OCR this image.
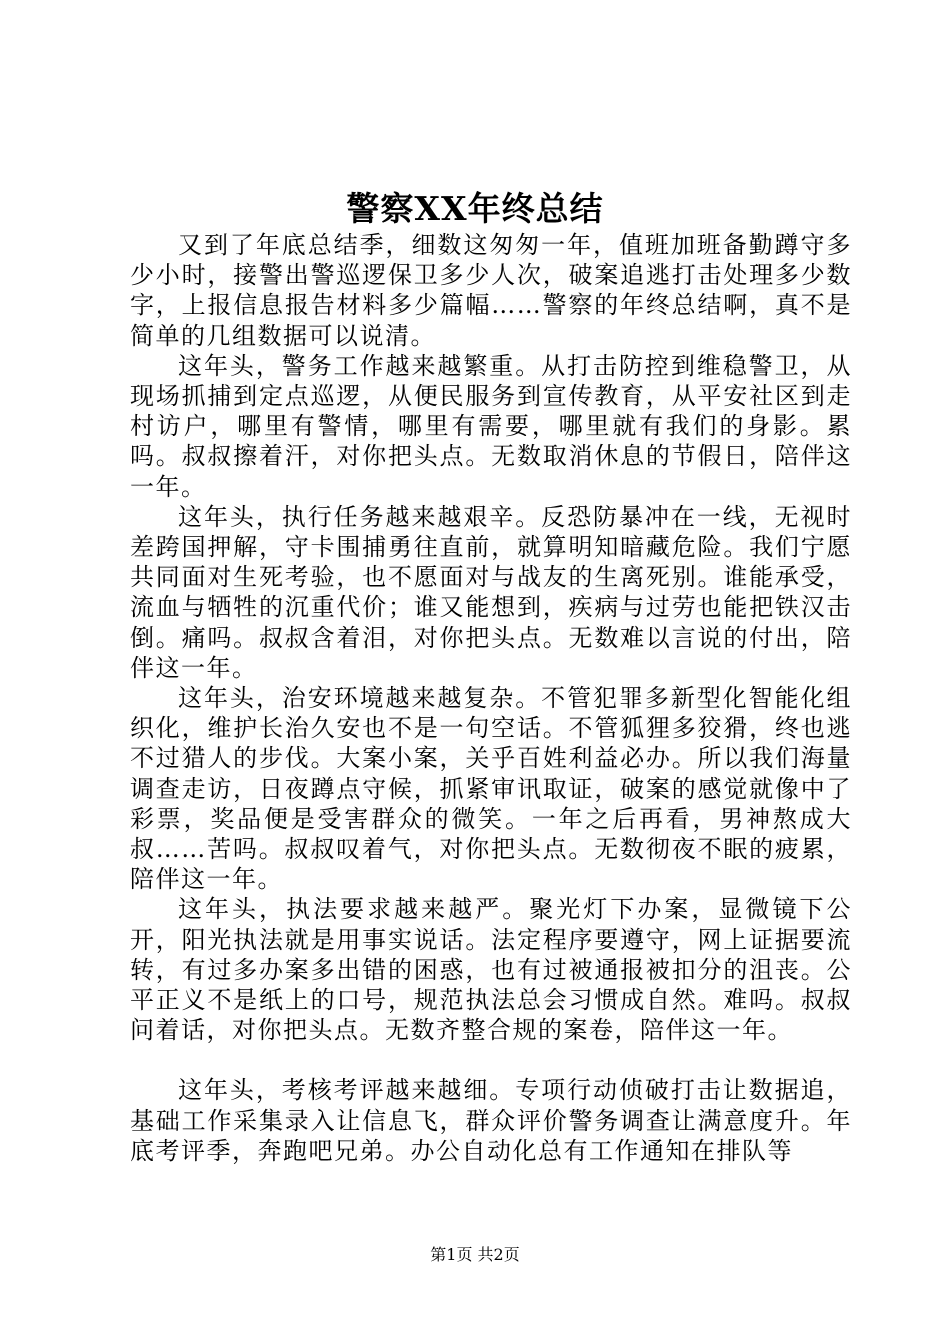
警察XX年终总结

又到了年底总结季，细数这匆匆一年，值班加班备勤蹲守多少小时，接警出警巡逻保卫多少人次，破案追逃打击处理多少数字，上报信息报告材料多少篇幅……警察的年终总结啊，真不是简单的几组数据可以说清。

这年头，警务工作越来越繁重。从打击防控到维稳警卫，从现场抓捕到定点巡逻，从便民服务到宣传教育，从平安社区到走村访户，哪里有警情，哪里有需要，哪里就有我们的身影。累吗。叔叔擦着汗，对你把头点。无数取消休息的节假日，陪伴这一年。

这年头，执行任务越来越艰辛。反恐防暴冲在一线，无视时差跨国押解，守卡围捕勇往直前，就算明知暗藏危险。我们宁愿共同面对生死考验，也不愿面对与战友的生离死别。谁能承受，流血与牺牲的沉重代价；谁又能想到，疾病与过劳也能把铁汉击倒。痛吗。叔叔含着泪，对你把头点。无数难以言说的付出，陪伴这一年。

这年头，治安环境越来越复杂。不管犯罪多新型化智能化组织化，维护长治久安也不是一句空话。不管狐狸多狡猾，终也逃不过猎人的步伐。大案小案，关乎百姓利益必办。所以我们海量调查走访，日夜蹲点守候，抓紧审讯取证，破案的感觉就像中了彩票，奖品便是受害群众的微笑。一年之后再看，男神熬成大叔……苦吗。叔叔叹着气，对你把头点。无数彻夜不眠的疲累，陪伴这一年。

这年头，执法要求越来越严。聚光灯下办案，显微镜下公开，阳光执法就是用事实说话。法定程序要遵守，网上证据要流转，有过多办案多出错的困惑，也有过被通报被扣分的沮丧。公平正义不是纸上的口号，规范执法总会习惯成自然。难吗。叔叔问着话，对你把头点。无数齐整合规的案卷，陪伴这一年。

这年头，考核考评越来越细。专项行动侦破打击让数据追，基础工作采集录入让信息飞，群众评价警务调查让满意度升。年底考评季，奔跑吧兄弟。办公自动化总有工作通知在排队等

第1页 共2页
